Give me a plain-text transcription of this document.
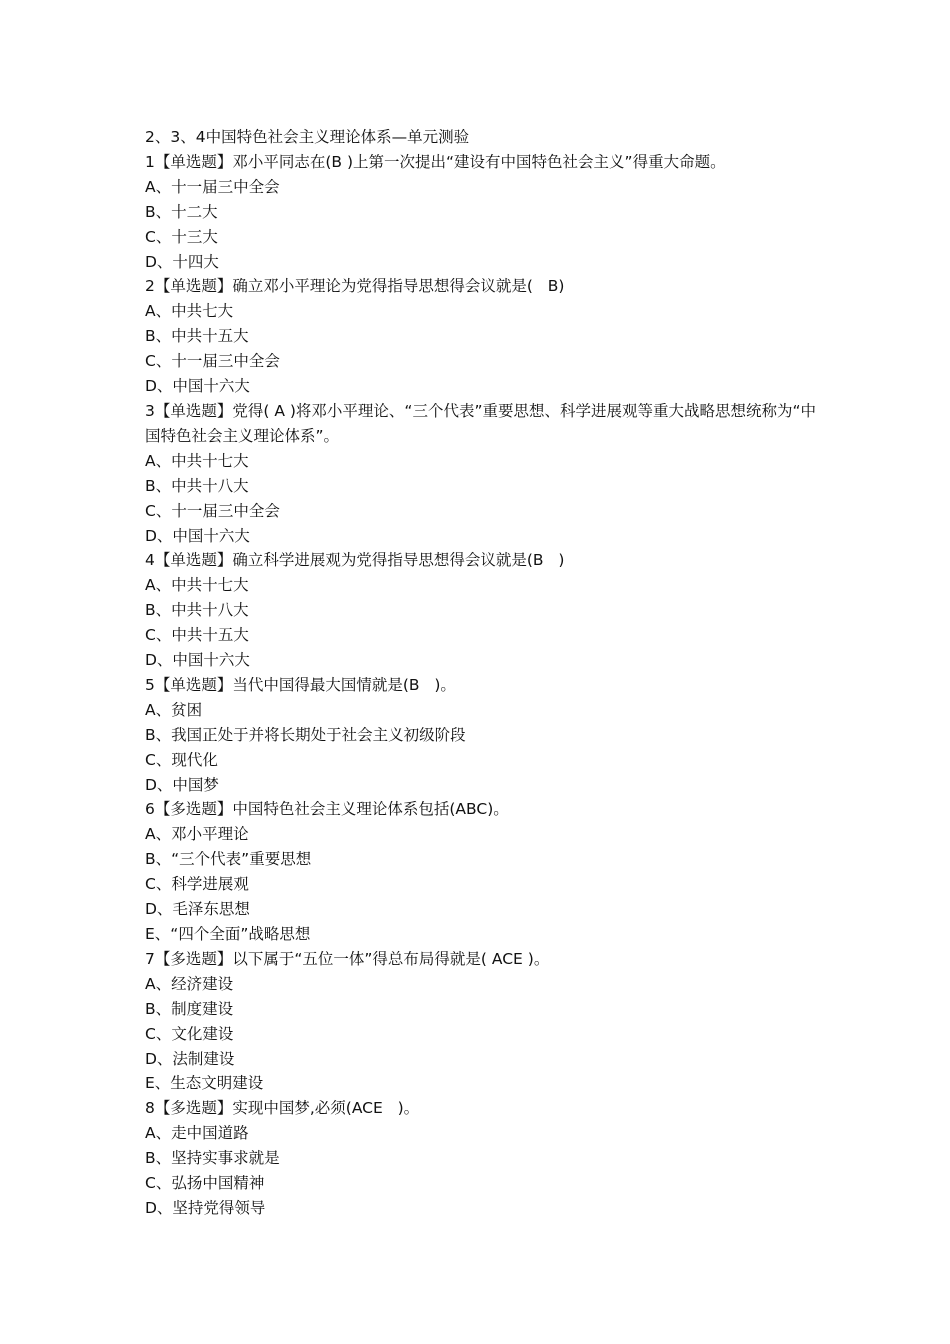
2、3、4中国特色社会主义理论体系—单元测验
1【单选题】邓小平同志在(B )上第一次提出“建设有中国特色社会主义”得重大命题。
A、十一届三中全会
B、十二大
C、十三大
D、十四大
2【单选题】确立邓小平理论为党得指导思想得会议就是(   B)
A、中共七大
B、中共十五大
C、十一届三中全会
D、中国十六大
3【单选题】党得( A )将邓小平理论、“三个代表”重要思想、科学进展观等重大战略思想统称为“中国特色社会主义理论体系”。
A、中共十七大
B、中共十八大
C、十一届三中全会
D、中国十六大
4【单选题】确立科学进展观为党得指导思想得会议就是(B   )
A、中共十七大
B、中共十八大
C、中共十五大
D、中国十六大
5【单选题】当代中国得最大国情就是(B   )。
A、贫困
B、我国正处于并将长期处于社会主义初级阶段
C、现代化
D、中国梦
6【多选题】中国特色社会主义理论体系包括(ABC)。
A、邓小平理论
B、“三个代表”重要思想
C、科学进展观
D、毛泽东思想
E、“四个全面”战略思想
7【多选题】以下属于“五位一体”得总布局得就是( ACE )。
A、经济建设
B、制度建设
C、文化建设
D、法制建设
E、生态文明建设
8【多选题】实现中国梦,必须(ACE   )。
A、走中国道路
B、坚持实事求就是
C、弘扬中国精神
D、坚持党得领导
